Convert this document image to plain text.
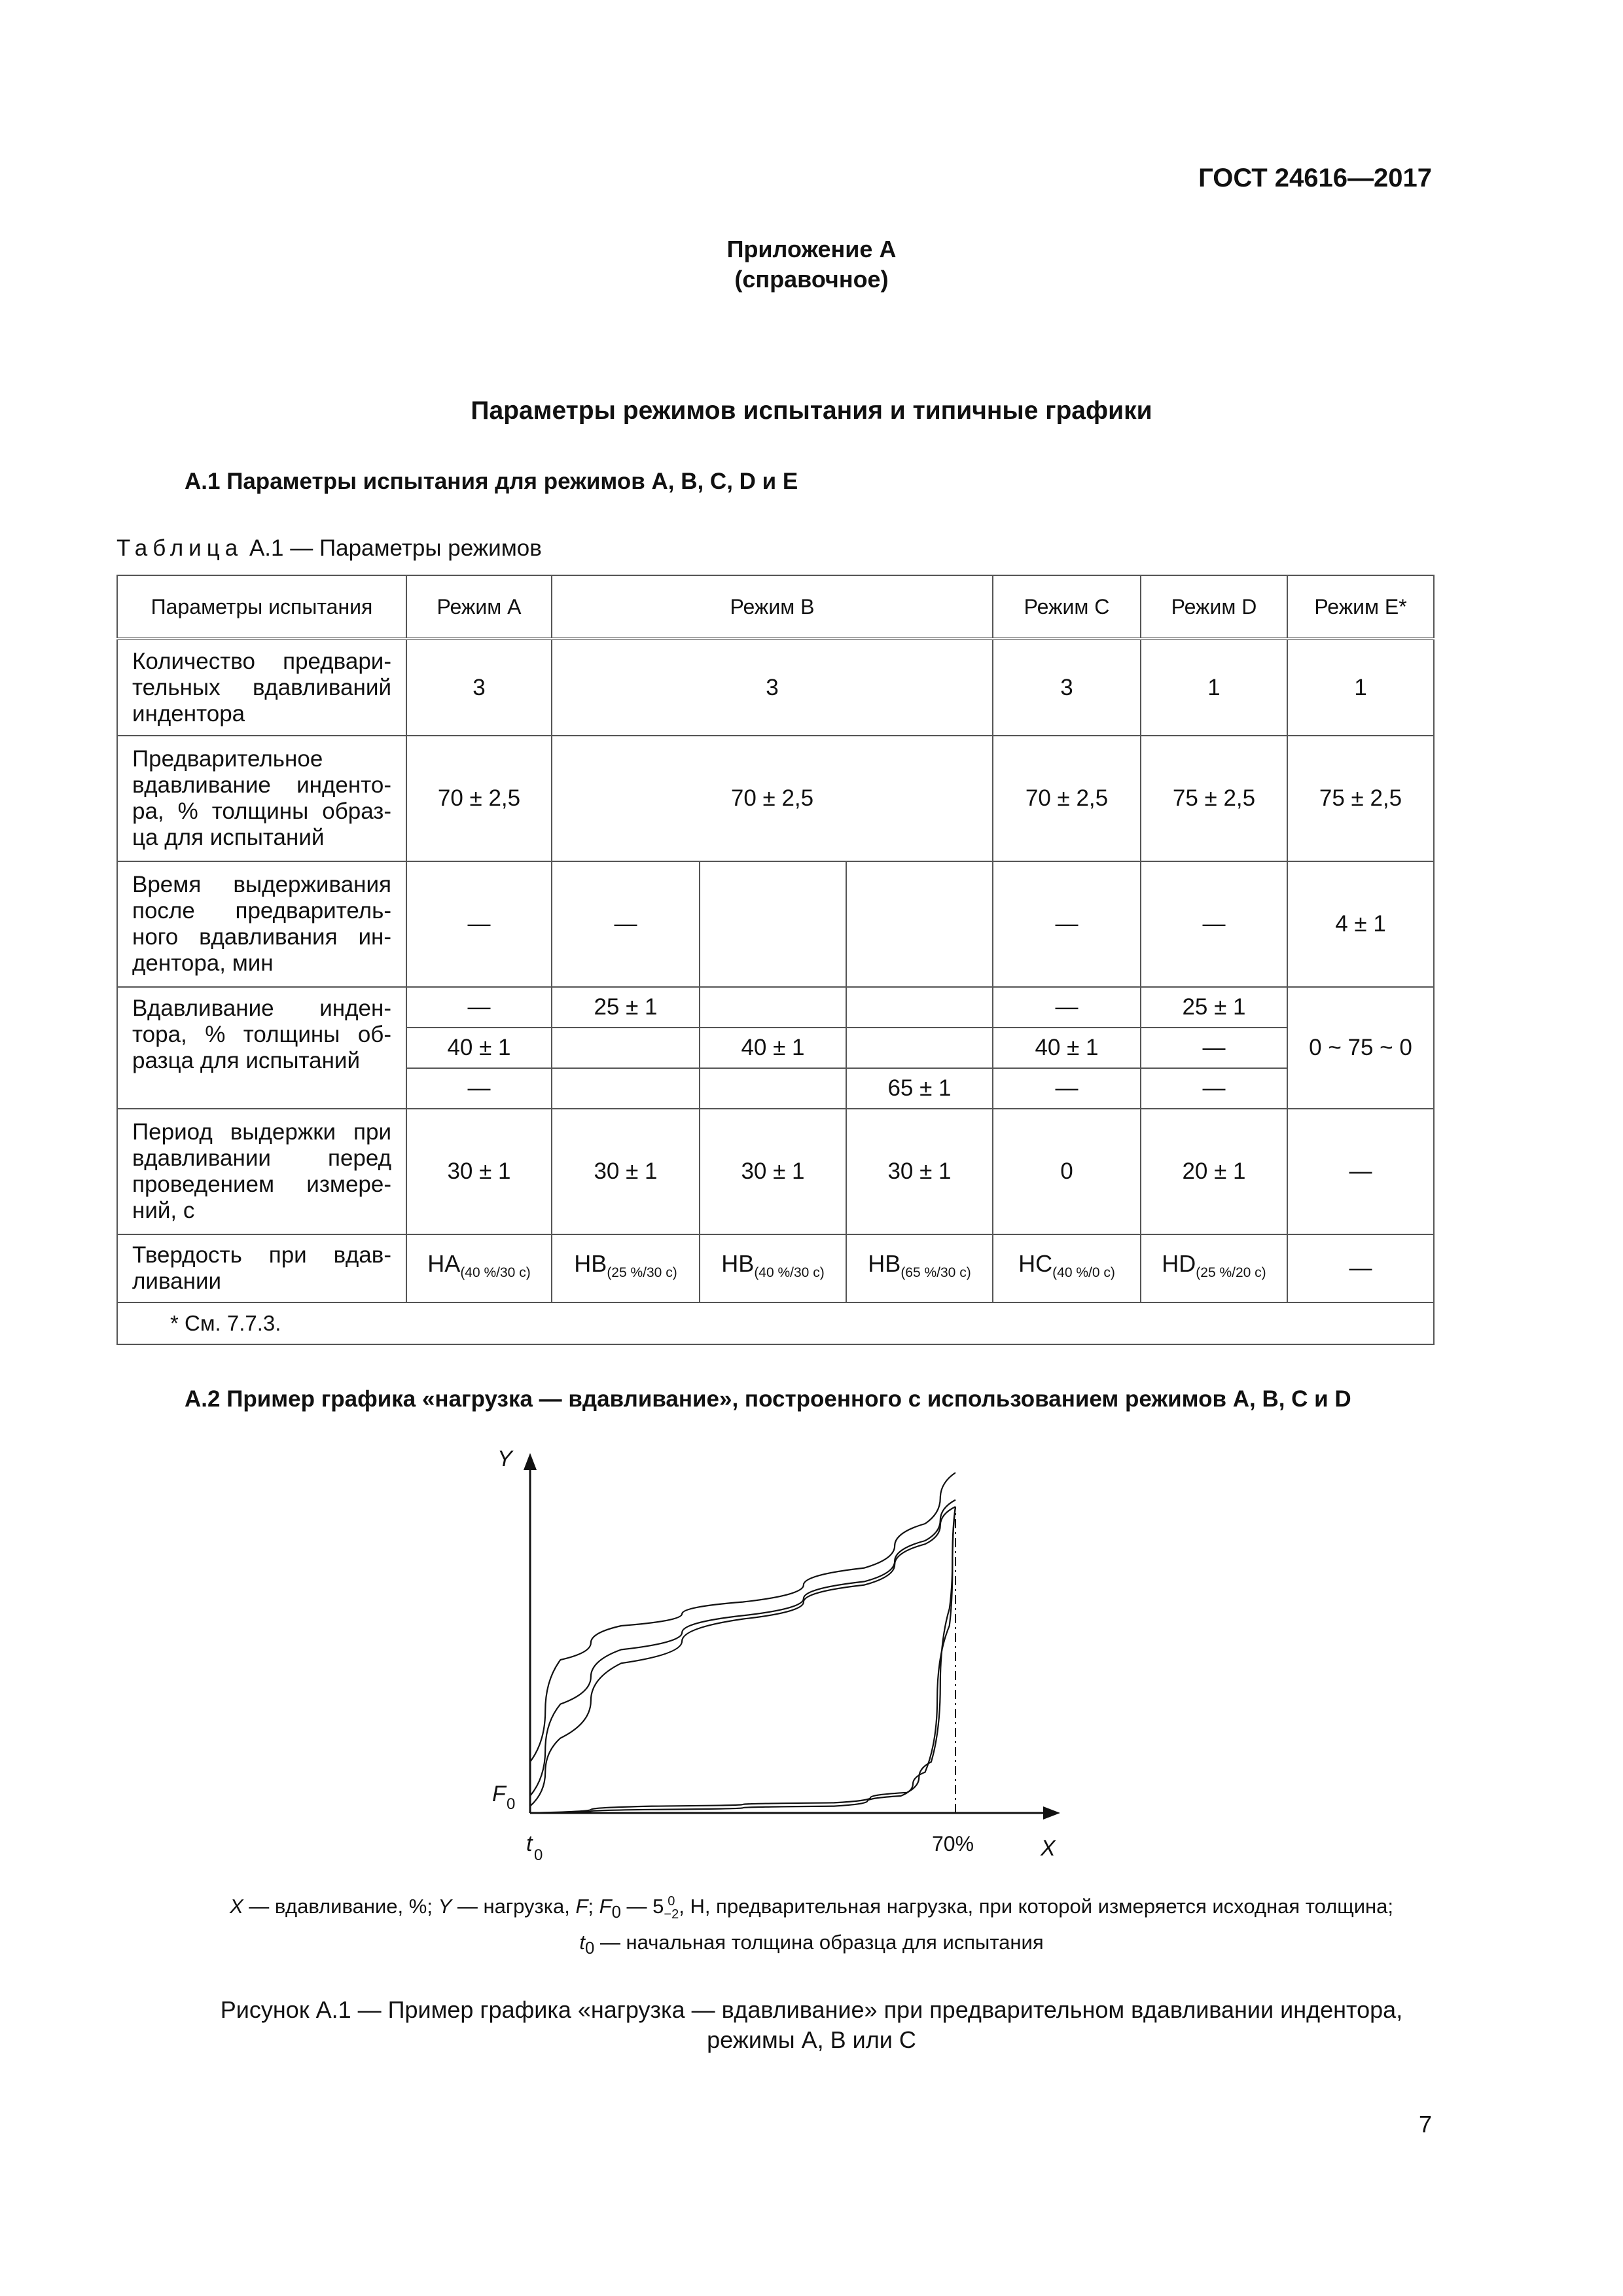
ГОСТ 24616—2017
Приложение А
(справочное)
Параметры режимов испытания и типичные графики
А.1 Параметры испытания для режимов А, В, С, D и Е
Таблица А.1 — Параметры режимов
Параметры испытания	Режим А	Режим В			Режим С	Режим D	Режим Е*
Количество предвари-тельных вдавливаний индентора	3	3			3	1	1
Предварительное вдавливание инденто-ра, % толщины образ-ца для испытаний	70 ± 2,5	70 ± 2,5			70 ± 2,5	75 ± 2,5	75 ± 2,5
Время выдерживания после предваритель-ного вдавливания ин-дентора, мин	—	—			—	—	4 ± 1
Вдавливание инден-тора, % толщины об-разца для испытаний	—	25 ± 1			—	25 ± 1	0 ~ 75 ~ 0
	40 ± 1		40 ± 1		40 ± 1	—	
	—			65 ± 1	—	—	
Период выдержки при вдавливании перед проведением измере-ний, с	30 ± 1	30 ± 1	30 ± 1	30 ± 1	0	20 ± 1	—
Твердость при вдав-ливании	$HA_{(40 \%/30 с)}$	$HB_{(25 \%/30 с)}$	$HB_{(40 \%/30 с)}$	$HB_{(65 \%/30 с)}$	$HC_{(40 \%/0 с)}$	$HD_{(25 \%/20 с)}$	—
* См. 7.7.3.							
А.2 Пример графика «нагрузка — вдавливание», построенного с использованием режимов А, В, С и D
Y
X
F 0
t 0	70%
X — вдавливание, %; Y — нагрузка, F; $F_0$ — 5 0
−2 , Н, предварительная нагрузка, при которой измеряется исходная толщина;
$t_0$ — начальная толщина образца для испытания
Рисунок А.1 — Пример графика «нагрузка — вдавливание» при предварительном вдавливании индентора,
режимы А, В или С
7
